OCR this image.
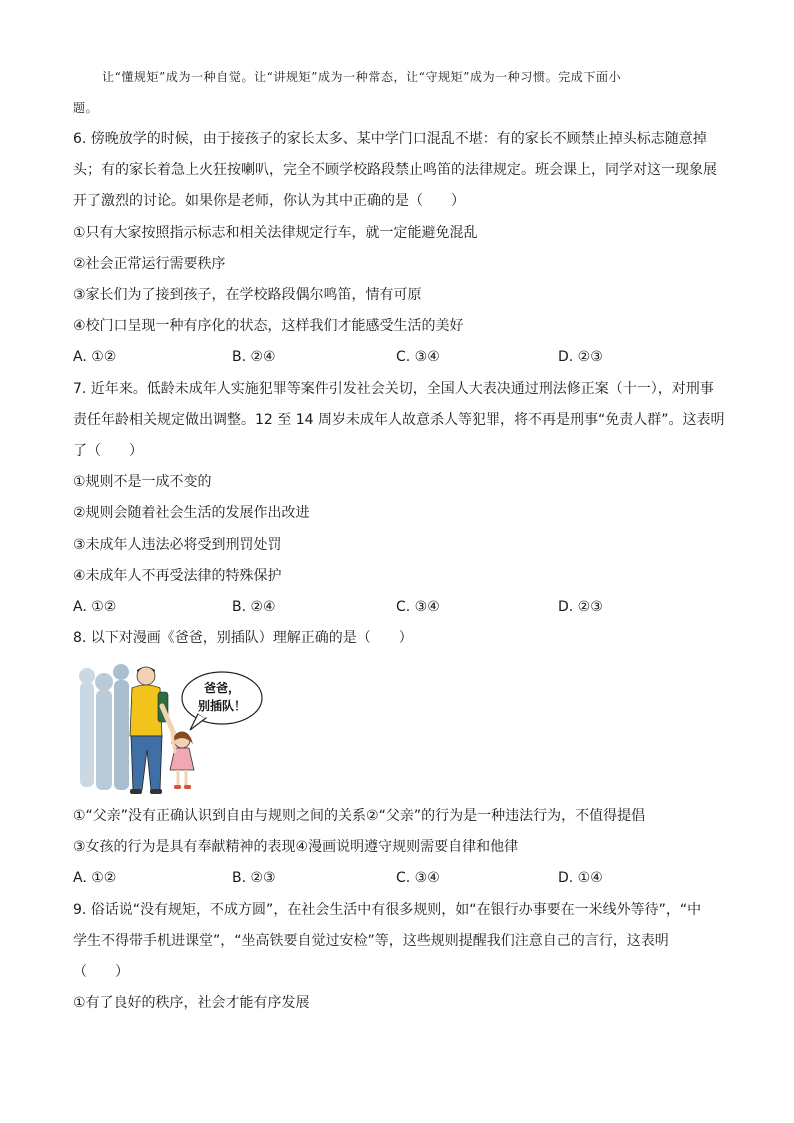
让“懂规矩”成为一种自觉。让“讲规矩”成为一种常态，让“守规矩”成为一种习惯。完成下面小
题。
6. 傍晚放学的时候，由于接孩子的家长太多、某中学门口混乱不堪：有的家长不顾禁止掉头标志随意掉
头；有的家长着急上火狂按喇叭，完全不顾学校路段禁止鸣笛的法律规定。班会课上，同学对这一现象展
开了激烈的讨论。如果你是老师，你认为其中正确的是（　　）
①只有大家按照指示标志和相关法律规定行车，就一定能避免混乱
②社会正常运行需要秩序
③家长们为了接到孩子，在学校路段偶尔鸣笛，情有可原
④校门口呈现一种有序化的状态，这样我们才能感受生活的美好
A. ①②	B. ②④	C. ③④	D. ②③
7. 近年来。低龄未成年人实施犯罪等案件引发社会关切，全国人大表决通过刑法修正案（十一），对刑事
责任年龄相关规定做出调整。12 至 14 周岁未成年人故意杀人等犯罪，将不再是刑事“免责人群”。这表明
了（　　）
①规则不是一成不变的
②规则会随着社会生活的发展作出改进
③未成年人违法必将受到刑罚处罚
④未成年人不再受法律的特殊保护
A. ①②	B. ②④	C. ③④	D. ②③
8. 以下对漫画《爸爸，别插队）理解正确的是（　　）
爸爸，
别插队！
①“父亲”没有正确认识到自由与规则之间的关系②“父亲”的行为是一种违法行为，不值得提倡
③女孩的行为是具有奉献精神的表现④漫画说明遵守规则需要自律和他律
A. ①②	B. ②③	C. ③④	D. ①④
9. 俗话说“没有规矩，不成方圆”，在社会生活中有很多规则，如“在银行办事要在一米线外等待”，“中
学生不得带手机进课堂”，“坐高铁要自觉过安检”等，这些规则提醒我们注意自己的言行，这表明
（　　）
①有了良好的秩序，社会才能有序发展
